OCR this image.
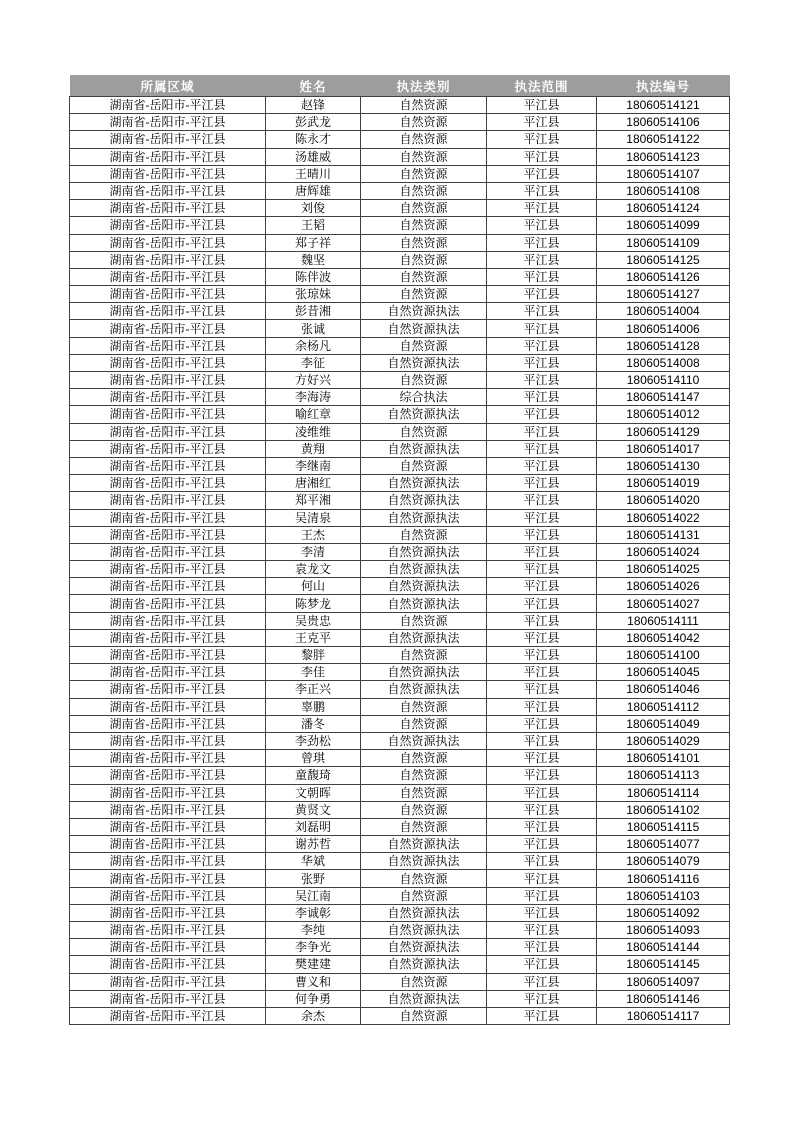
所属区域	姓名	执法类别	执法范围	执法编号
湖南省-岳阳市-平江县	赵锋	自然资源	平江县	18060514121
湖南省-岳阳市-平江县	彭武龙	自然资源	平江县	18060514106
湖南省-岳阳市-平江县	陈永才	自然资源	平江县	18060514122
湖南省-岳阳市-平江县	汤雄威	自然资源	平江县	18060514123
湖南省-岳阳市-平江县	王晴川	自然资源	平江县	18060514107
湖南省-岳阳市-平江县	唐辉雄	自然资源	平江县	18060514108
湖南省-岳阳市-平江县	刘俊	自然资源	平江县	18060514124
湖南省-岳阳市-平江县	王韬	自然资源	平江县	18060514099
湖南省-岳阳市-平江县	郑子祥	自然资源	平江县	18060514109
湖南省-岳阳市-平江县	魏坚	自然资源	平江县	18060514125
湖南省-岳阳市-平江县	陈伴波	自然资源	平江县	18060514126
湖南省-岳阳市-平江县	张琼妹	自然资源	平江县	18060514127
湖南省-岳阳市-平江县	彭昔湘	自然资源执法	平江县	18060514004
湖南省-岳阳市-平江县	张诚	自然资源执法	平江县	18060514006
湖南省-岳阳市-平江县	余杨凡	自然资源	平江县	18060514128
湖南省-岳阳市-平江县	李征	自然资源执法	平江县	18060514008
湖南省-岳阳市-平江县	方好兴	自然资源	平江县	18060514110
湖南省-岳阳市-平江县	李海涛	综合执法	平江县	18060514147
湖南省-岳阳市-平江县	喻红章	自然资源执法	平江县	18060514012
湖南省-岳阳市-平江县	凌维维	自然资源	平江县	18060514129
湖南省-岳阳市-平江县	黄翔	自然资源执法	平江县	18060514017
湖南省-岳阳市-平江县	李继南	自然资源	平江县	18060514130
湖南省-岳阳市-平江县	唐湘红	自然资源执法	平江县	18060514019
湖南省-岳阳市-平江县	郑平湘	自然资源执法	平江县	18060514020
湖南省-岳阳市-平江县	吴清泉	自然资源执法	平江县	18060514022
湖南省-岳阳市-平江县	王杰	自然资源	平江县	18060514131
湖南省-岳阳市-平江县	李清	自然资源执法	平江县	18060514024
湖南省-岳阳市-平江县	袁龙文	自然资源执法	平江县	18060514025
湖南省-岳阳市-平江县	何山	自然资源执法	平江县	18060514026
湖南省-岳阳市-平江县	陈梦龙	自然资源执法	平江县	18060514027
湖南省-岳阳市-平江县	吴贵忠	自然资源	平江县	18060514111
湖南省-岳阳市-平江县	王克平	自然资源执法	平江县	18060514042
湖南省-岳阳市-平江县	黎胖	自然资源	平江县	18060514100
湖南省-岳阳市-平江县	李佳	自然资源执法	平江县	18060514045
湖南省-岳阳市-平江县	李正兴	自然资源执法	平江县	18060514046
湖南省-岳阳市-平江县	辜鹏	自然资源	平江县	18060514112
湖南省-岳阳市-平江县	潘冬	自然资源	平江县	18060514049
湖南省-岳阳市-平江县	李劲松	自然资源执法	平江县	18060514029
湖南省-岳阳市-平江县	曾琪	自然资源	平江县	18060514101
湖南省-岳阳市-平江县	童馥琦	自然资源	平江县	18060514113
湖南省-岳阳市-平江县	文朝晖	自然资源	平江县	18060514114
湖南省-岳阳市-平江县	黄贤文	自然资源	平江县	18060514102
湖南省-岳阳市-平江县	刘磊明	自然资源	平江县	18060514115
湖南省-岳阳市-平江县	谢苏哲	自然资源执法	平江县	18060514077
湖南省-岳阳市-平江县	华斌	自然资源执法	平江县	18060514079
湖南省-岳阳市-平江县	张野	自然资源	平江县	18060514116
湖南省-岳阳市-平江县	吴江南	自然资源	平江县	18060514103
湖南省-岳阳市-平江县	李诚彰	自然资源执法	平江县	18060514092
湖南省-岳阳市-平江县	李纯	自然资源执法	平江县	18060514093
湖南省-岳阳市-平江县	李争光	自然资源执法	平江县	18060514144
湖南省-岳阳市-平江县	樊建建	自然资源执法	平江县	18060514145
湖南省-岳阳市-平江县	曹义和	自然资源	平江县	18060514097
湖南省-岳阳市-平江县	何争勇	自然资源执法	平江县	18060514146
湖南省-岳阳市-平江县	余杰	自然资源	平江县	18060514117
